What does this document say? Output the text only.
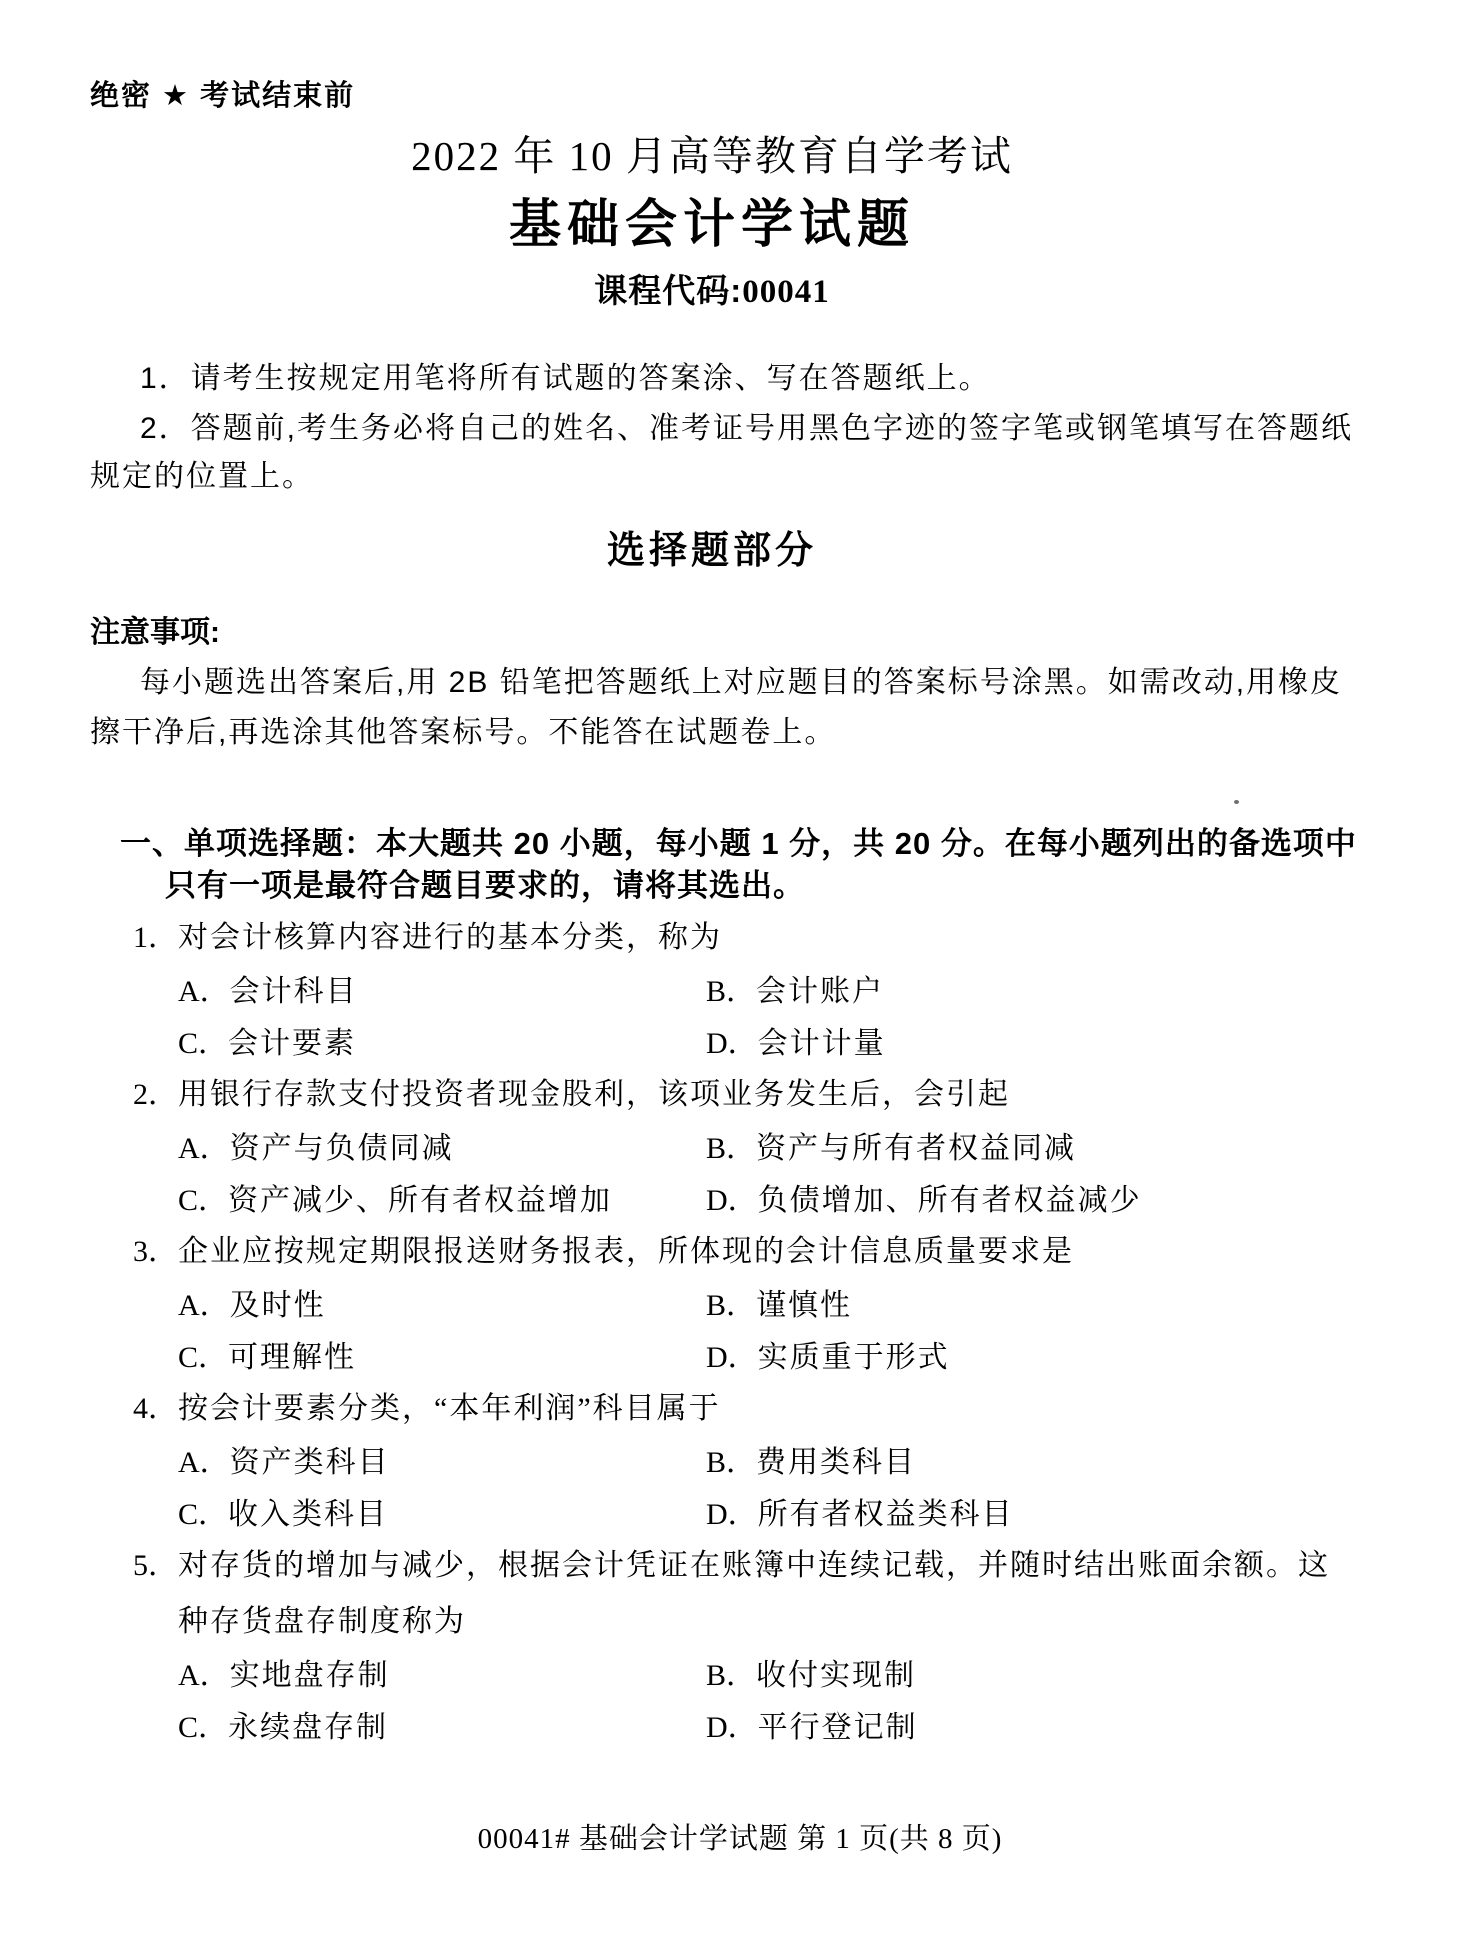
绝密 ★ 考试结束前
2022 年 10 月高等教育自学考试
基础会计学试题
课程代码:00041

1．请考生按规定用笔将所有试题的答案涂、写在答题纸上。

2．答题前,考生务必将自己的姓名、准考证号用黑色字迹的签字笔或钢笔填写在答题纸

规定的位置上。

选择题部分
注意事项:

每小题选出答案后,用 2B 铅笔把答题纸上对应题目的答案标号涂黑。如需改动,用橡皮

擦干净后,再选涂其他答案标号。不能答在试题卷上。

一、单项选择题：本大题共 20 小题，每小题 1 分，共 20 分。在每小题列出的备选项中

只有一项是最符合题目要求的，请将其选出。

1．对会计核算内容进行的基本分类，称为

A．会计科目	B．会计账户
C．会计要素	D．会计计量

2．用银行存款支付投资者现金股利，该项业务发生后，会引起

A．资产与负债同减	B．资产与所有者权益同减
C．资产减少、所有者权益增加	D．负债增加、所有者权益减少

3．企业应按规定期限报送财务报表，所体现的会计信息质量要求是

A．及时性	B．谨慎性
C．可理解性	D．实质重于形式

4．按会计要素分类，“本年利润”科目属于

A．资产类科目	B．费用类科目
C．收入类科目	D．所有者权益类科目

5．对存货的增加与减少，根据会计凭证在账簿中连续记载，并随时结出账面余额。这

种存货盘存制度称为

A．实地盘存制	B．收付实现制
C．永续盘存制	D．平行登记制
00041# 基础会计学试题 第 1 页(共 8 页)
